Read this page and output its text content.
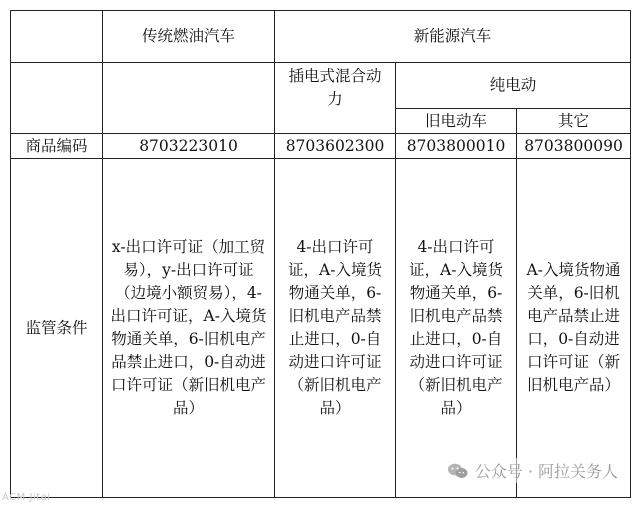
	传统燃油汽车	新能源汽车		
		插电式混合动力	纯电动	
			旧电动车	其它
商品编码	8703223010	8703602300	8703800010	8703800090
监管条件	x-出口许可证（加工贸易），y-出口许可证（边境小额贸易），4-出口许可证，A-入境货物通关单，6-旧机电产品禁止进口，0-自动进口许可证（新旧机电产品）	4-出口许可证，A-入境货物通关单，6-旧机电产品禁止进口，0-自动进口许可证（新旧机电产品）	4-出口许可证，A-入境货物通关单，6-旧机电产品禁止进口，0-自动进口许可证（新旧机电产品）	A-入境货物通关单，6-旧机电产品禁止进口，0-自动进口许可证（新旧机电产品）
公众号 · 阿拉关务人
ACM Jitai
